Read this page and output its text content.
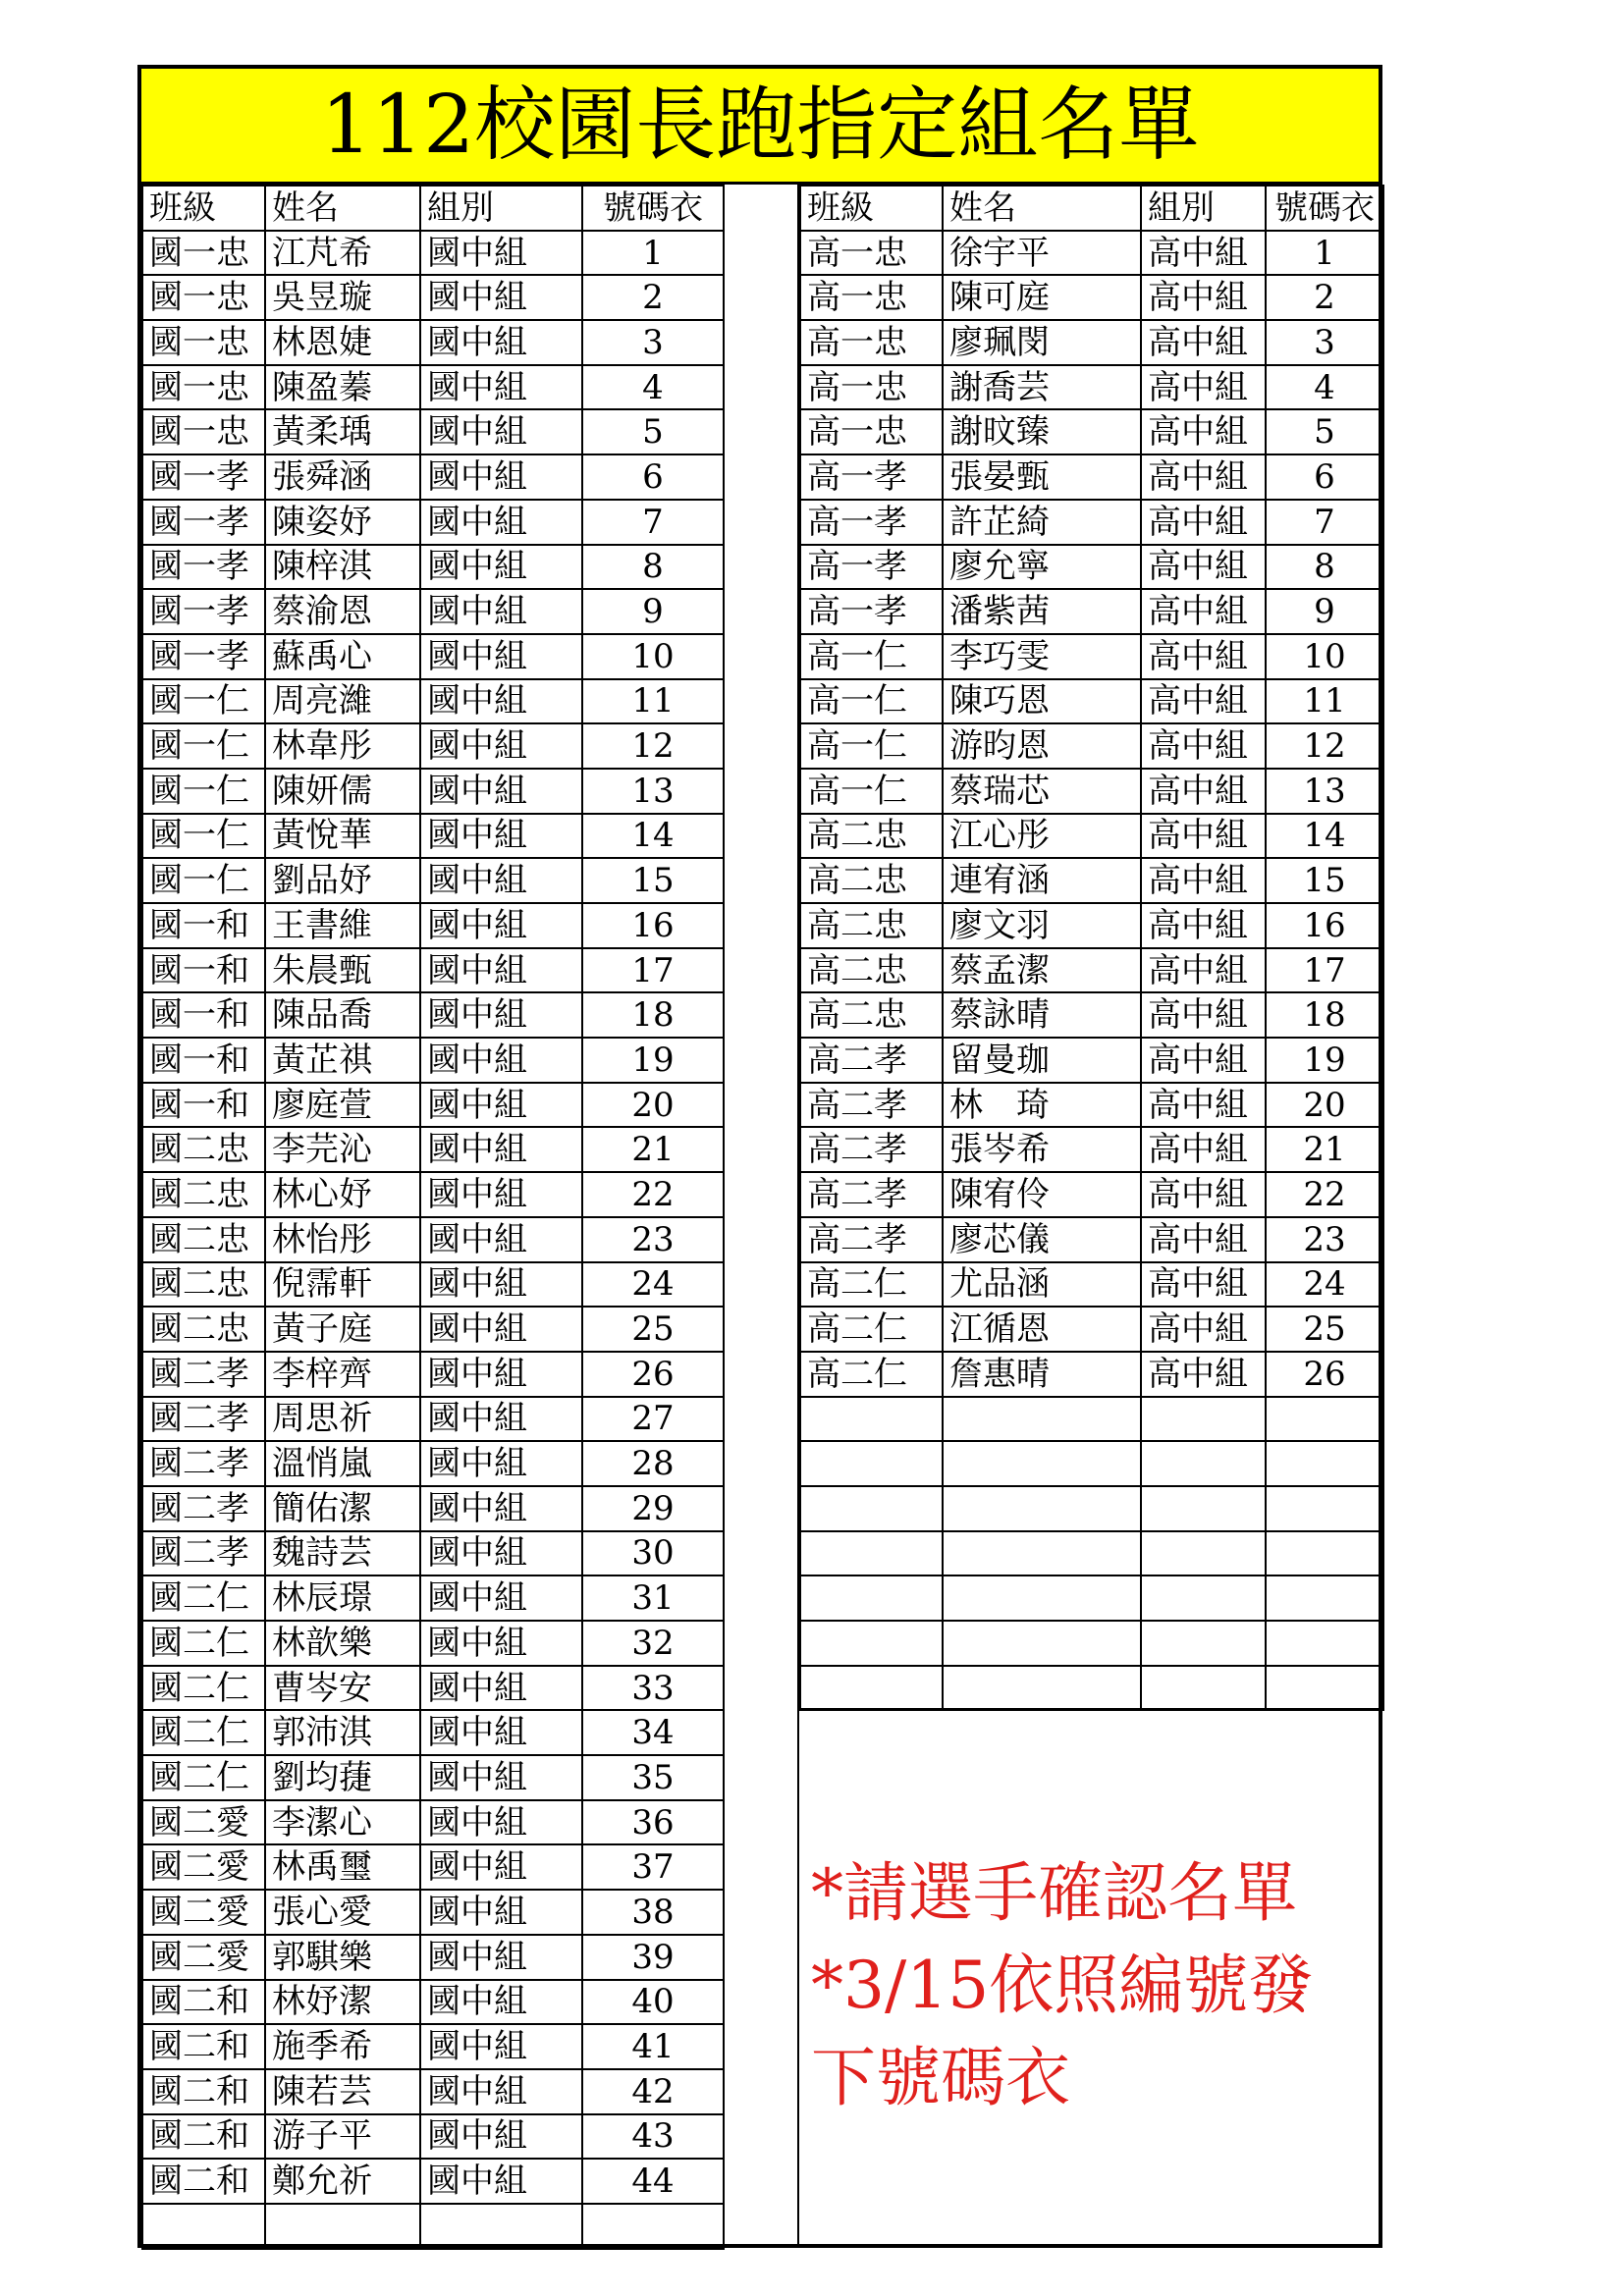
112校園長跑指定組名單
班級	姓名	組別	號碼衣
國一忠	江芃希	國中組	1
國一忠	吳昱璇	國中組	2
國一忠	林恩婕	國中組	3
國一忠	陳盈蓁	國中組	4
國一忠	黃柔瑀	國中組	5
國一孝	張舜涵	國中組	6
國一孝	陳姿妤	國中組	7
國一孝	陳梓淇	國中組	8
國一孝	蔡渝恩	國中組	9
國一孝	蘇禹心	國中組	10
國一仁	周亮濰	國中組	11
國一仁	林韋彤	國中組	12
國一仁	陳妍儒	國中組	13
國一仁	黃悅華	國中組	14
國一仁	劉品妤	國中組	15
國一和	王書維	國中組	16
國一和	朱晨甄	國中組	17
國一和	陳品喬	國中組	18
國一和	黃芷祺	國中組	19
國一和	廖庭萱	國中組	20
國二忠	李芫沁	國中組	21
國二忠	林心妤	國中組	22
國二忠	林怡彤	國中組	23
國二忠	倪霈軒	國中組	24
國二忠	黃子庭	國中組	25
國二孝	李梓齊	國中組	26
國二孝	周思祈	國中組	27
國二孝	溫悄嵐	國中組	28
國二孝	簡佑潔	國中組	29
國二孝	魏詩芸	國中組	30
國二仁	林辰璟	國中組	31
國二仁	林歆樂	國中組	32
國二仁	曹岑安	國中組	33
國二仁	郭沛淇	國中組	34
國二仁	劉均蓵	國中組	35
國二愛	李潔心	國中組	36
國二愛	林禹璽	國中組	37
國二愛	張心愛	國中組	38
國二愛	郭騏樂	國中組	39
國二和	林妤潔	國中組	40
國二和	施季希	國中組	41
國二和	陳若芸	國中組	42
國二和	游子平	國中組	43
國二和	鄭允祈	國中組	44

班級	姓名	組別	號碼衣
高一忠	徐宇平	高中組	1
高一忠	陳可庭	高中組	2
高一忠	廖珮閔	高中組	3
高一忠	謝喬芸	高中組	4
高一忠	謝旼臻	高中組	5
高一孝	張晏甄	高中組	6
高一孝	許芷綺	高中組	7
高一孝	廖允寧	高中組	8
高一孝	潘紫茜	高中組	9
高一仁	李巧雯	高中組	10
高一仁	陳巧恩	高中組	11
高一仁	游昀恩	高中組	12
高一仁	蔡瑞芯	高中組	13
高二忠	江心彤	高中組	14
高二忠	連宥涵	高中組	15
高二忠	廖文羽	高中組	16
高二忠	蔡孟潔	高中組	17
高二忠	蔡詠晴	高中組	18
高二孝	留曼珈	高中組	19
高二孝	林　琦	高中組	20
高二孝	張岑希	高中組	21
高二孝	陳宥伶	高中組	22
高二孝	廖芯儀	高中組	23
高二仁	尤品涵	高中組	24
高二仁	江循恩	高中組	25
高二仁	詹惠晴	高中組	26

*請選手確認名單
*3/15依照編號發
下號碼衣
